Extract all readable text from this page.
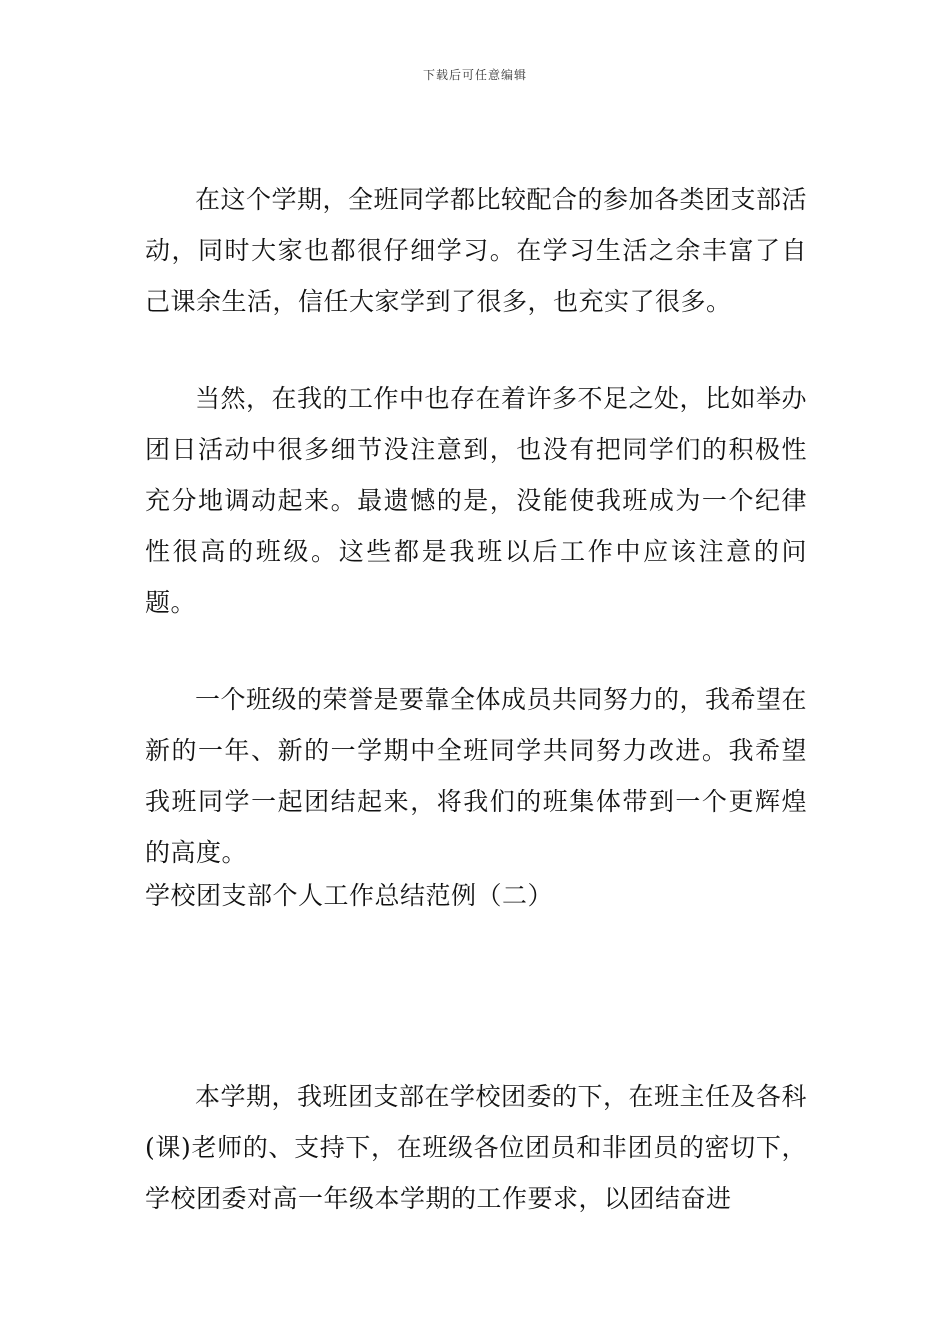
下载后可任意编辑

在这个学期，全班同学都比较配合的参加各类团支部活动，同时大家也都很仔细学习。在学习生活之余丰富了自己课余生活，信任大家学到了很多，也充实了很多。

当然，在我的工作中也存在着许多不足之处，比如举办团日活动中很多细节没注意到，也没有把同学们的积极性充分地调动起来。最遗憾的是，没能使我班成为一个纪律性很高的班级。这些都是我班以后工作中应该注意的问题。

一个班级的荣誉是要靠全体成员共同努力的，我希望在新的一年、新的一学期中全班同学共同努力改进。我希望我班同学一起团结起来，将我们的班集体带到一个更辉煌的高度。

学校团支部个人工作总结范例（二）

本学期，我班团支部在学校团委的下，在班主任及各科(课)老师的、支持下，在班级各位团员和非团员的密切下，学校团委对高一年级本学期的工作要求，以团结奋进
